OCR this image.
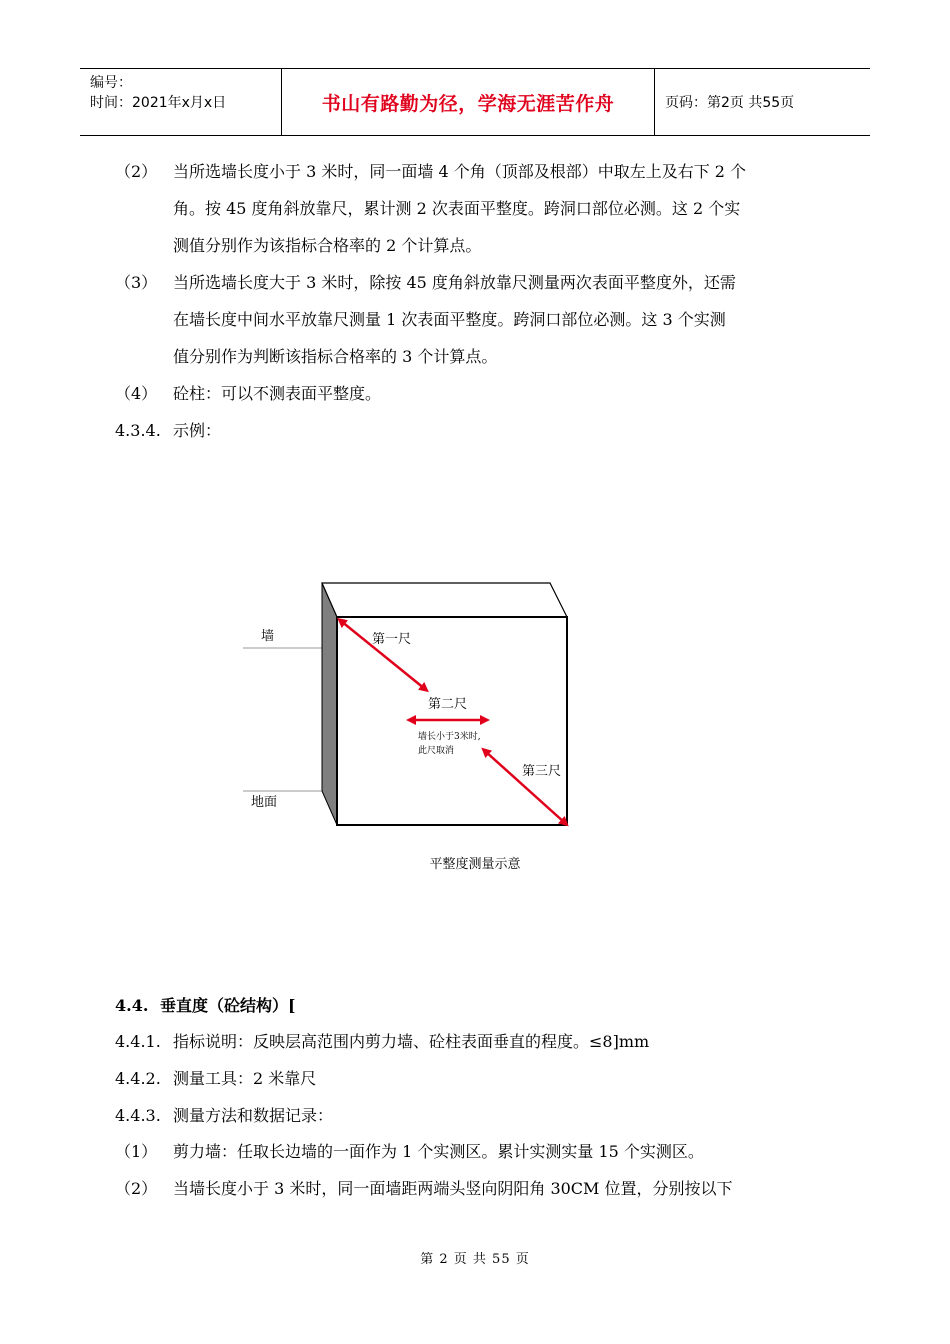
编号：
时间：2021年x月x日	书山有路勤为径，学海无涯苦作舟	页码：第2页 共55页
（2） 当所选墙长度小于 3 米时，同一面墙 4 个角（顶部及根部）中取左上及右下 2 个
角。按 45 度角斜放靠尺，累计测 2 次表面平整度。跨洞口部位必测。这 2 个实
测值分别作为该指标合格率的 2 个计算点。
（3） 当所选墙长度大于 3 米时，除按 45 度角斜放靠尺测量两次表面平整度外，还需
在墙长度中间水平放靠尺测量 1 次表面平整度。跨洞口部位必测。这 3 个实测
值分别作为判断该指标合格率的 3 个计算点。
（4） 砼柱：可以不测表面平整度。
4.3.4. 示例：
墙
地面
第一尺
第二尺
墙长小于3米时,
此尺取消
第三尺
平整度测量示意
4.4. 垂直度（砼结构）[
4.4.1. 指标说明：反映层高范围内剪力墙、砼柱表面垂直的程度。≤8]mm
4.4.2. 测量工具：2 米靠尺
4.4.3. 测量方法和数据记录：
（1） 剪力墙：任取长边墙的一面作为 1 个实测区。累计实测实量 15 个实测区。
（2） 当墙长度小于 3 米时，同一面墙距两端头竖向阴阳角 30CM 位置，分别按以下
第 2 页 共 55 页
